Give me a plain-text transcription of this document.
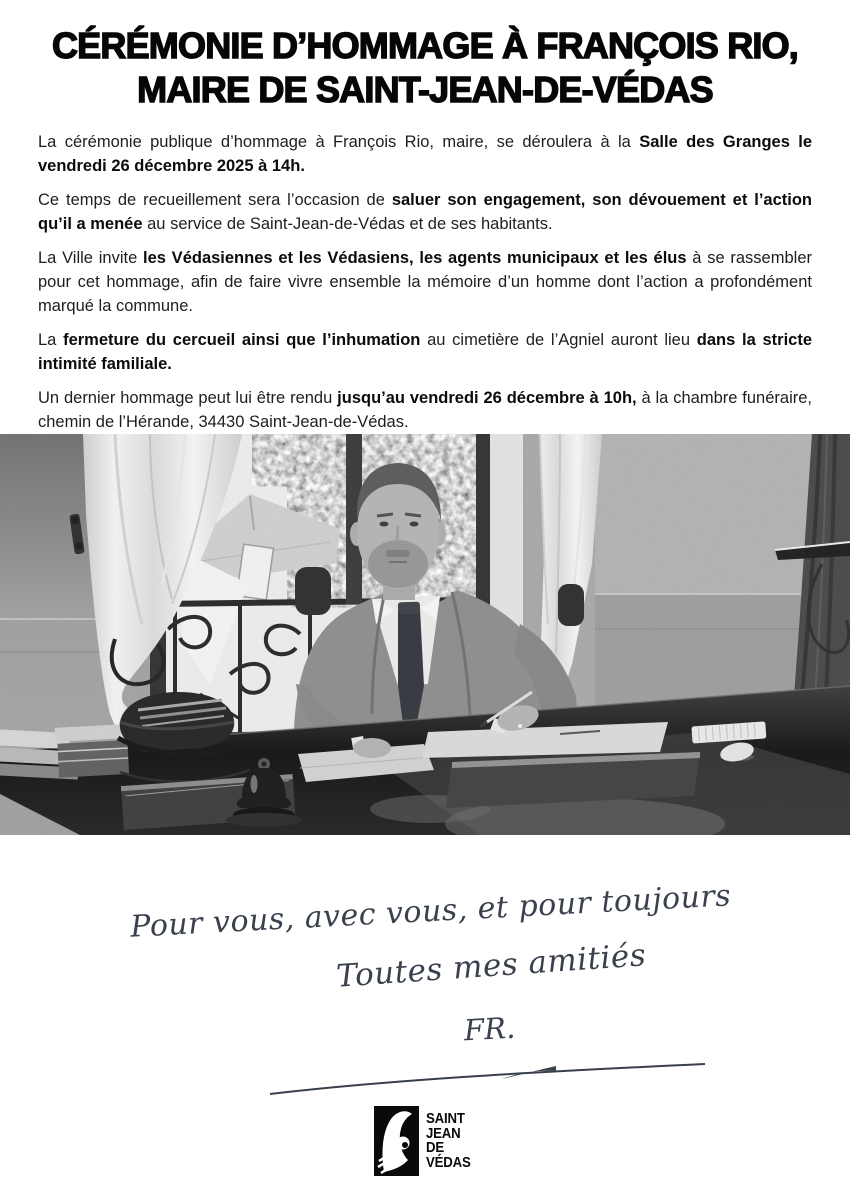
CÉRÉMONIE D’HOMMAGE À FRANÇOIS RIO,
MAIRE DE SAINT-JEAN-DE-VÉDAS

La cérémonie publique d’hommage à François Rio, maire, se déroulera à la Salle des Granges le vendredi 26 décembre 2025 à 14h.

Ce temps de recueillement sera l’occasion de saluer son engagement, son dévouement et l’action qu’il a menée au service de Saint-Jean-de-Védas et de ses habitants.

La Ville invite les Védasiennes et les Védasiens, les agents municipaux et les élus à se rassembler pour cet hommage, afin de faire vivre ensemble la mémoire d’un homme dont l’action a profondément marqué la commune.

La fermeture du cercueil ainsi que l’inhumation au cimetière de l’Agniel auront lieu dans la stricte intimité familiale.

Un dernier hommage peut lui être rendu jusqu’au vendredi 26 décembre à 10h, à la chambre funéraire, chemin de l’Hérande, 34430 Saint-Jean-de-Védas.

Pour vous, avec vous, et pour toujours
Toutes mes amitiés
FR.
SAINT
JEAN
DE
VÉDAS
